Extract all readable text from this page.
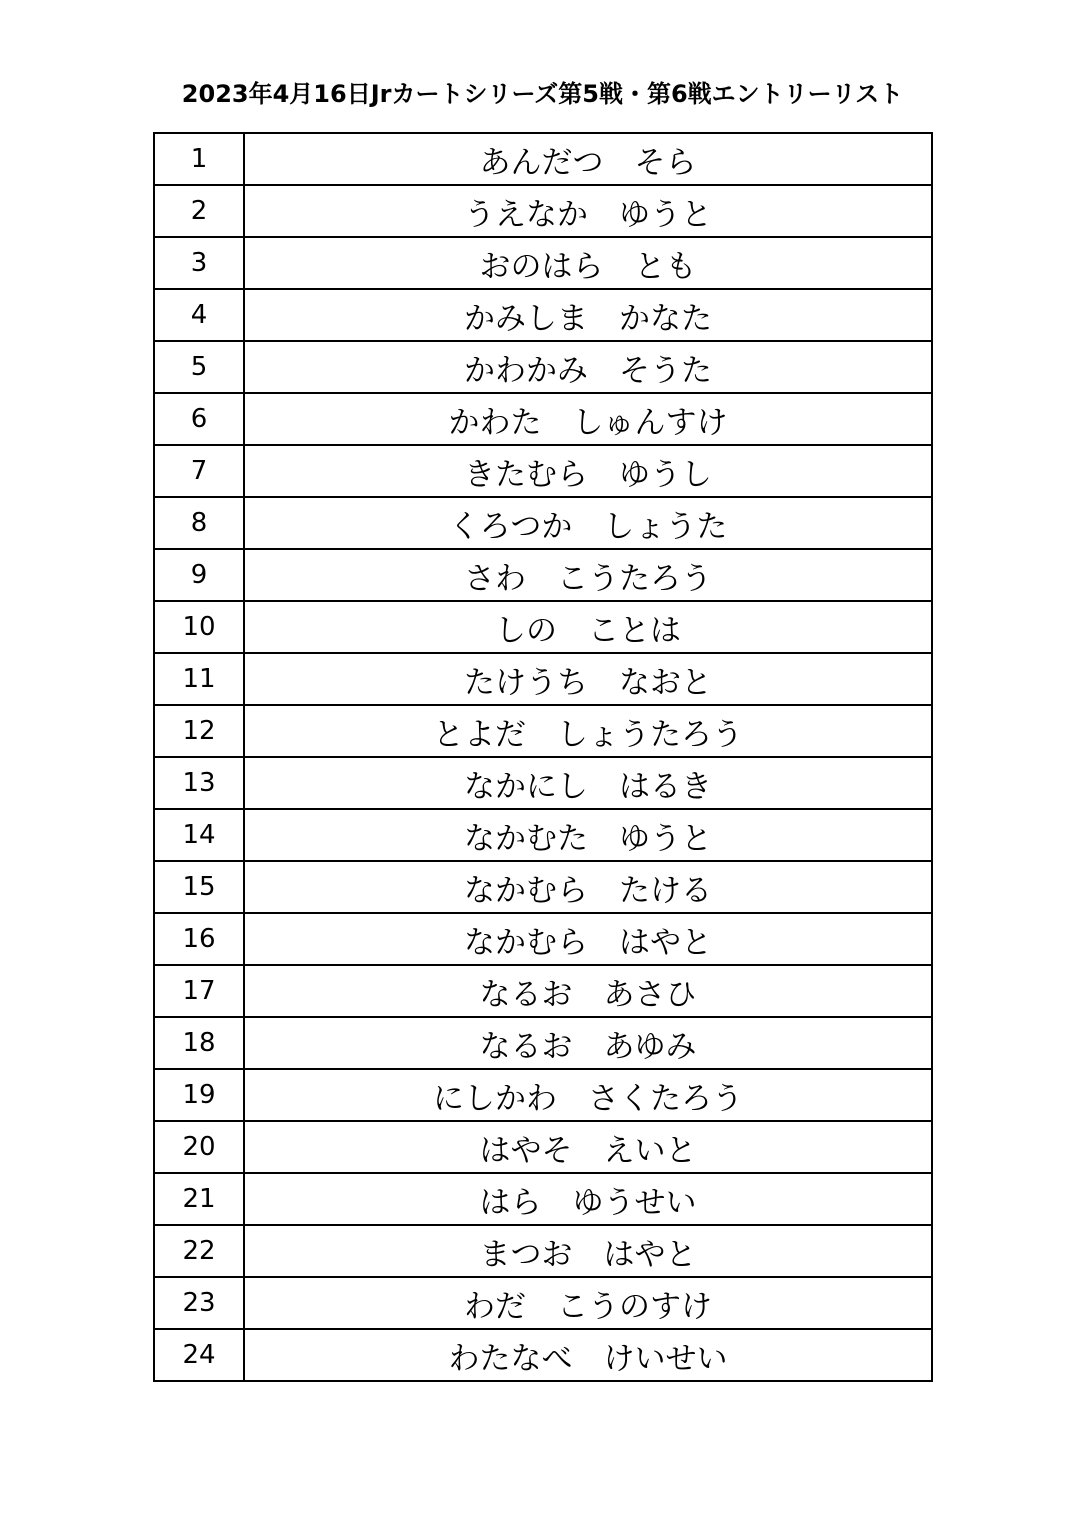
2023年4月16日Jrカートシリーズ第5戦・第6戦エントリーリスト
1	あんだつ　そら
2	うえなか　ゆうと
3	おのはら　とも
4	かみしま　かなた
5	かわかみ　そうた
6	かわた　しゅんすけ
7	きたむら　ゆうし
8	くろつか　しょうた
9	さわ　こうたろう
10	しの　ことは
11	たけうち　なおと
12	とよだ　しょうたろう
13	なかにし　はるき
14	なかむた　ゆうと
15	なかむら　たける
16	なかむら　はやと
17	なるお　あさひ
18	なるお　あゆみ
19	にしかわ　さくたろう
20	はやそ　えいと
21	はら　ゆうせい
22	まつお　はやと
23	わだ　こうのすけ
24	わたなべ　けいせい
